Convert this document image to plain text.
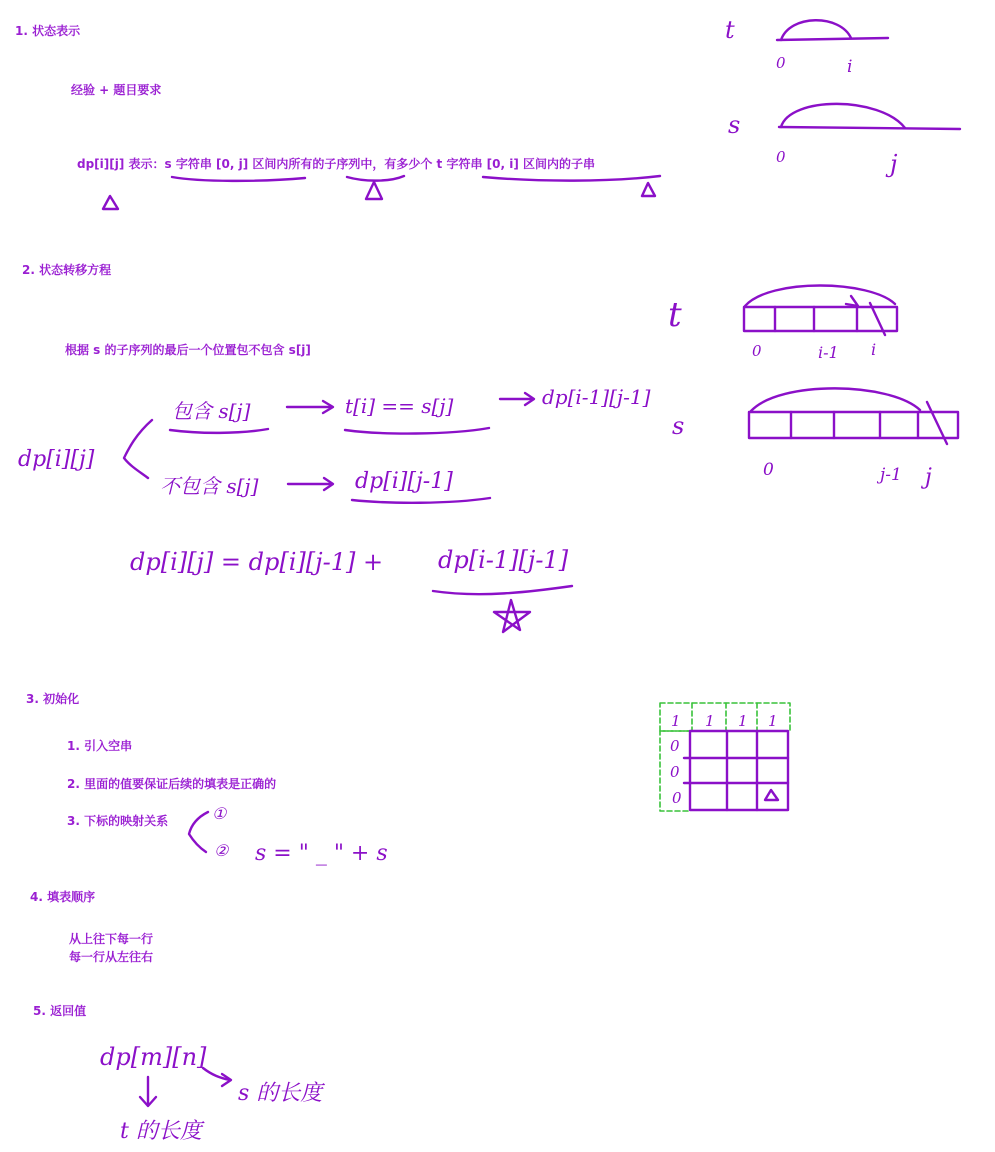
1. 状态表示
经验 + 题目要求
dp[i][j] 表示：s 字符串 [0, j] 区间内所有的子序列中，有多少个 t 字符串 [0, i] 区间内的子串
2. 状态转移方程
根据 s 的子序列的最后一个位置包不包含 s[j]
3. 初始化
1. 引入空串
2. 里面的值要保证后续的填表是正确的
3. 下标的映射关系
4. 填表顺序
从上往下每一行
每一行从左往右
5. 返回值
t
0	i
s
0	j
t
0	i-1 i
s
0	j-1 j
dp[i][j]
包含 s[j]	t[i] == s[j]	dp[i-1][j-1]
不包含 s[j]	dp[i][j-1]
dp[i][j] = dp[i][j-1] + dp[i-1][j-1]
①
② s = " _ " + s
1 1 1 1
0
0
0
dp[m][n]
s 的长度
t 的长度
